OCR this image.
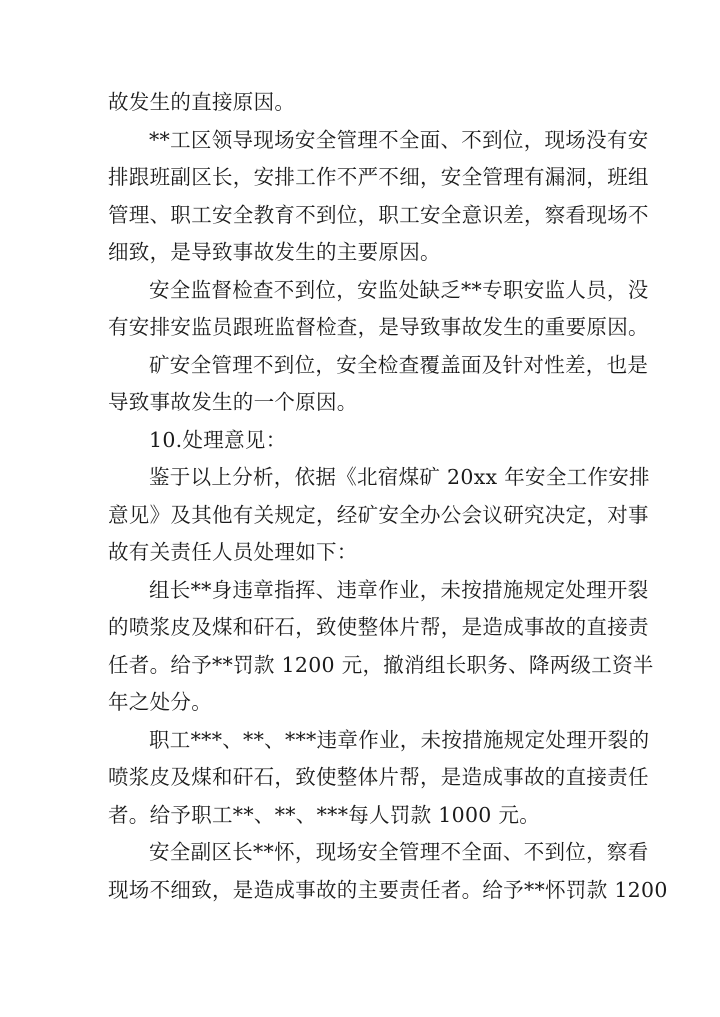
故发生的直接原因。
**工区领导现场安全管理不全面、不到位，现场没有安
排跟班副区长，安排工作不严不细，安全管理有漏洞，班组
管理、职工安全教育不到位，职工安全意识差，察看现场不
细致，是导致事故发生的主要原因。
安全监督检查不到位，安监处缺乏**专职安监人员，没
有安排安监员跟班监督检查，是导致事故发生的重要原因。
矿安全管理不到位，安全检查覆盖面及针对性差，也是
导致事故发生的一个原因。
10.处理意见：
鉴于以上分析，依据《北宿煤矿 20xx 年安全工作安排
意见》及其他有关规定，经矿安全办公会议研究决定，对事
故有关责任人员处理如下：
组长**身违章指挥、违章作业，未按措施规定处理开裂
的喷浆皮及煤和矸石，致使整体片帮，是造成事故的直接责
任者。给予**罚款 1200 元，撤消组长职务、降两级工资半
年之处分。
职工***、**、***违章作业，未按措施规定处理开裂的
喷浆皮及煤和矸石，致使整体片帮，是造成事故的直接责任
者。给予职工**、**、***每人罚款 1000 元。
安全副区长**怀，现场安全管理不全面、不到位，察看
现场不细致，是造成事故的主要责任者。给予**怀罚款 1200
